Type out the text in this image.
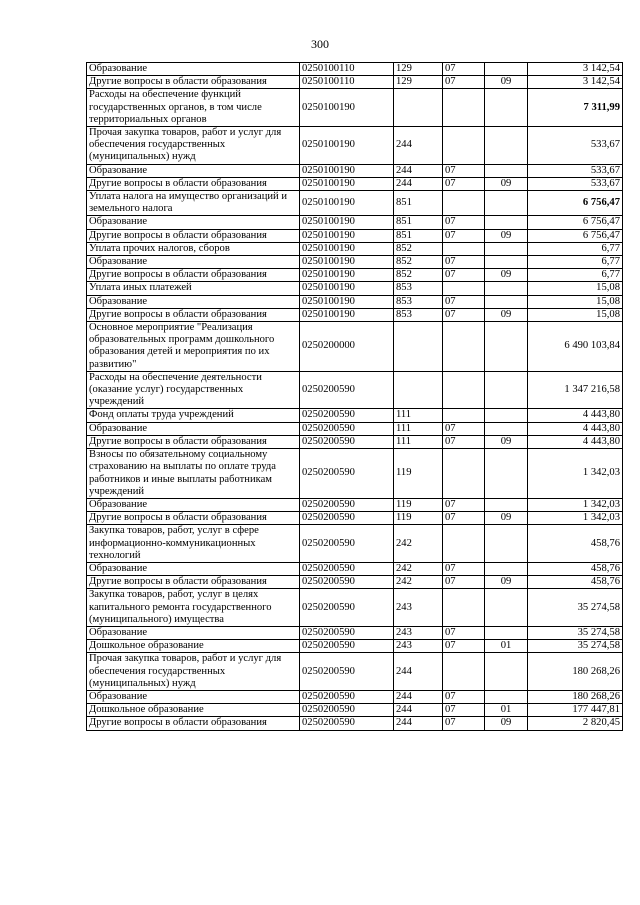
300
Образование	0250100110	129	07		3 142,54
Другие вопросы в области образования	0250100110	129	07	09	3 142,54
Расходы на обеспечение функций государственных органов, в том числе территориальных органов	0250100190				7 311,99
Прочая закупка товаров, работ и услуг для обеспечения государственных (муниципальных) нужд	0250100190	244			533,67
Образование	0250100190	244	07		533,67
Другие вопросы в области образования	0250100190	244	07	09	533,67
Уплата налога на имущество организаций и земельного налога	0250100190	851			6 756,47
Образование	0250100190	851	07		6 756,47
Другие вопросы в области образования	0250100190	851	07	09	6 756,47
Уплата прочих налогов, сборов	0250100190	852			6,77
Образование	0250100190	852	07		6,77
Другие вопросы в области образования	0250100190	852	07	09	6,77
Уплата иных платежей	0250100190	853			15,08
Образование	0250100190	853	07		15,08
Другие вопросы в области образования	0250100190	853	07	09	15,08
Основное мероприятие "Реализация образовательных программ дошкольного образования детей и мероприятия по их развитию"	0250200000				6 490 103,84
Расходы на обеспечение деятельности (оказание услуг) государственных учреждений	0250200590				1 347 216,58
Фонд оплаты труда учреждений	0250200590	111			4 443,80
Образование	0250200590	111	07		4 443,80
Другие вопросы в области образования	0250200590	111	07	09	4 443,80
Взносы по обязательному социальному страхованию на выплаты по оплате труда работников и иные выплаты работникам учреждений	0250200590	119			1 342,03
Образование	0250200590	119	07		1 342,03
Другие вопросы в области образования	0250200590	119	07	09	1 342,03
Закупка товаров, работ, услуг в сфере информационно-коммуникационных технологий	0250200590	242			458,76
Образование	0250200590	242	07		458,76
Другие вопросы в области образования	0250200590	242	07	09	458,76
Закупка товаров, работ, услуг в целях капитального ремонта государственного (муниципального) имущества	0250200590	243			35 274,58
Образование	0250200590	243	07		35 274,58
Дошкольное образование	0250200590	243	07	01	35 274,58
Прочая закупка товаров, работ и услуг для обеспечения государственных (муниципальных) нужд	0250200590	244			180 268,26
Образование	0250200590	244	07		180 268,26
Дошкольное образование	0250200590	244	07	01	177 447,81
Другие вопросы в области образования	0250200590	244	07	09	2 820,45
